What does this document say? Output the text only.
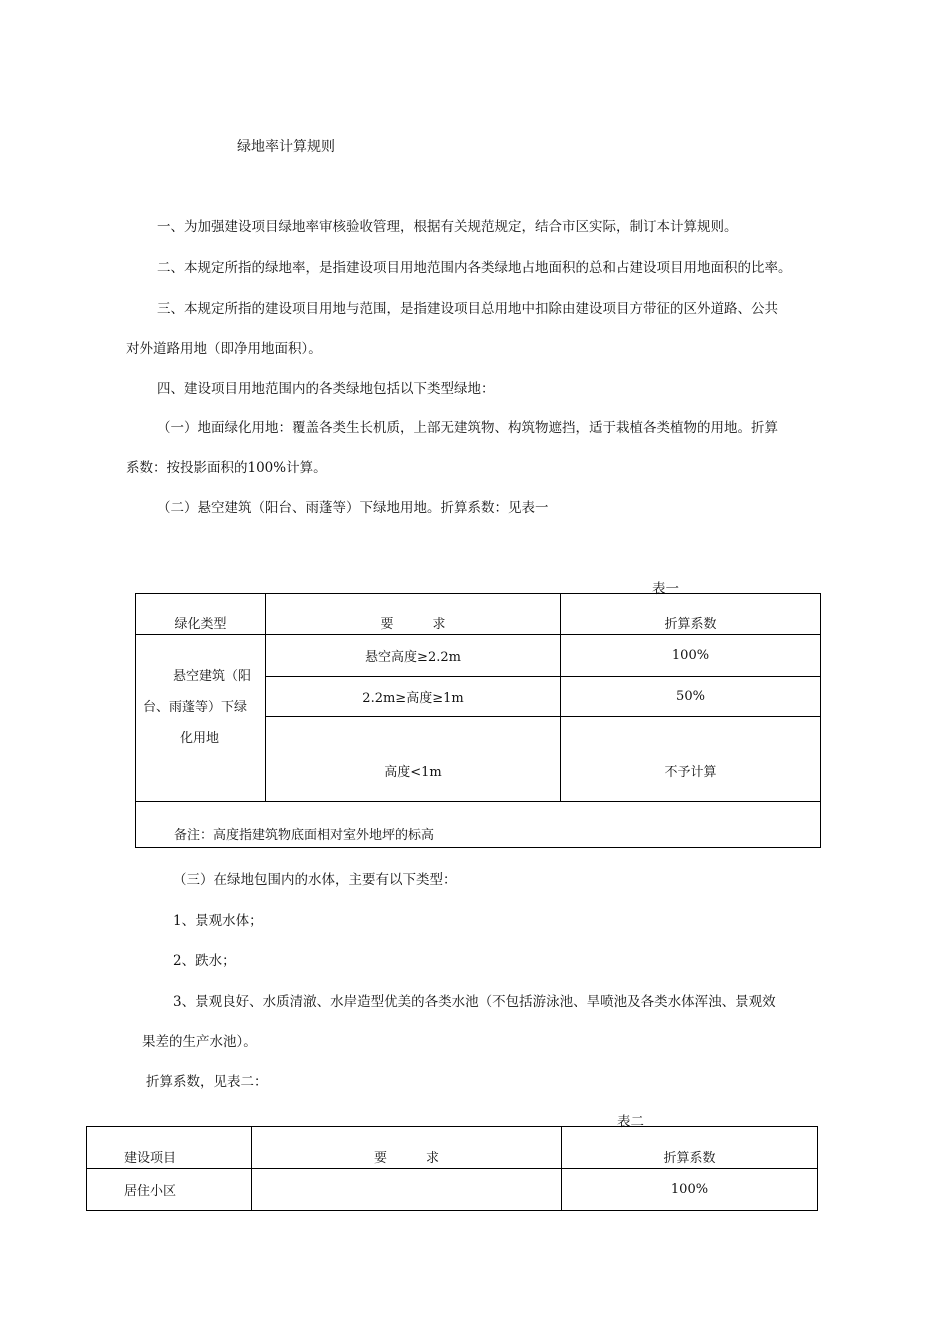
绿地率计算规则
一、为加强建设项目绿地率审核验收管理，根据有关规范规定，结合市区实际，制订本计算规则。
二、本规定所指的绿地率，是指建设项目用地范围内各类绿地占地面积的总和占建设项目用地面积的比率。
三、本规定所指的建设项目用地与范围，是指建设项目总用地中扣除由建设项目方带征的区外道路、公共
对外道路用地（即净用地面积）。
四、建设项目用地范围内的各类绿地包括以下类型绿地：
（一）地面绿化用地：覆盖各类生长机质，上部无建筑物、构筑物遮挡，适于栽植各类植物的用地。折算
系数：按投影面积的100%计算。
（二）悬空建筑（阳台、雨蓬等）下绿地用地。折算系数：见表一
表一
绿化类型	要　　　求	折算系数

悬空建筑（阳
台、雨蓬等）下绿
化用地	悬空高度≥2.2m	100%
	2.2m≥高度≥1m	50%
	高度<1m	不予计算
备注：高度指建筑物底面相对室外地坪的标高		
（三）在绿地包围内的水体，主要有以下类型：
1、景观水体；
2、跌水；
3、景观良好、水质清澈、水岸造型优美的各类水池（不包括游泳池、旱喷池及各类水体浑浊、景观效
果差的生产水池）。
折算系数，见表二：
表二
建设项目	要　　　求	折算系数
居住小区		100%
